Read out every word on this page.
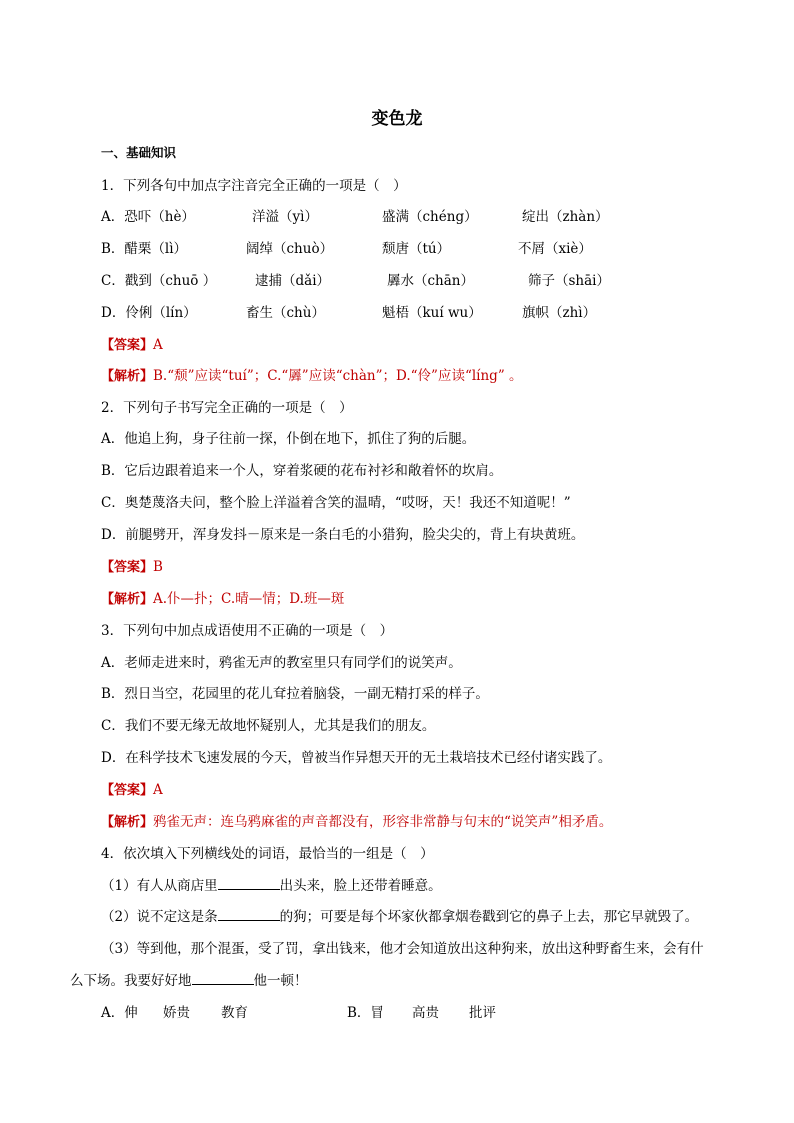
变色龙
一、基础知识
1．下列各句中加点字注音完全正确的一项是（　）
A．恐吓（hè）	洋溢（yì）	盛满（chéng）	绽出（zhàn）
B．醋栗（lì）	阔绰（chuò）	颓唐（tú）	不屑（xiè）
C．戳到（chuō ）	逮捕（dǎi）	羼水（chān）	筛子（shāi）
D．伶俐（lín）	畜生（chù）	魁梧（kuí wu）	旗帜（zhì）
【答案】A
【解析】B.“颓”应读“tuí”；C.“羼”应读“chàn”；D.“伶”应读“líng” 。
2．下列句子书写完全正确的一项是（　）
A．他追上狗，身子往前一探，仆倒在地下，抓住了狗的后腿。
B．它后边跟着追来一个人，穿着浆硬的花布衬衫和敞着怀的坎肩。
C．奥楚蔑洛夫问，整个脸上洋溢着含笑的温晴，“哎呀，天！我还不知道呢！”
D．前腿劈开，浑身发抖－原来是一条白毛的小猎狗，脸尖尖的，背上有块黄班。
【答案】B
【解析】A.仆—扑；C.晴—情；D.班—斑
3．下列句中加点成语使用不正确的一项是（　）
A．老师走进来时，鸦雀无声的教室里只有同学们的说笑声。
B．烈日当空，花园里的花儿耷拉着脑袋，一副无精打采的样子。
C．我们不要无缘无故地怀疑别人，尤其是我们的朋友。
D．在科学技术飞速发展的今天，曾被当作异想天开的无土栽培技术已经付诸实践了。
【答案】A
【解析】鸦雀无声：连乌鸦麻雀的声音都没有，形容非常静与句末的“说笑声”相矛盾。
4．依次填入下列横线处的词语，最恰当的一组是（　）
（1）有人从商店里	出头来，脸上还带着睡意。
（2）说不定这是条	的狗；可要是每个坏家伙都拿烟卷戳到它的鼻子上去，那它早就毁了。
（3）等到他，那个混蛋，受了罚，拿出钱来，他才会知道放出这种狗来，放出这种野畜生来，会有什
么下场。我要好好地	他一顿！
A．伸 娇贵 教育	B．冒 高贵 批评
